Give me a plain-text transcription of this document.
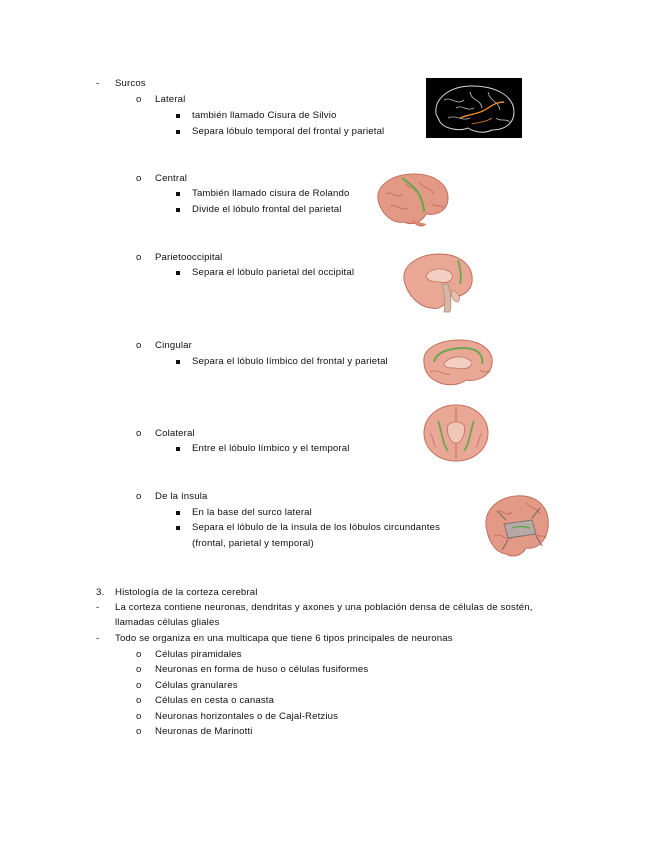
- Surcos
o Lateral
también llamado Cisura de Silvio
Separa lóbulo temporal del frontal y parietal
o Central
También llamado cisura de Rolando
Divide el lóbulo frontal del parietal
o Parietooccipital
Separa el lóbulo parietal del occipital
o Cingular
Separa el lóbulo límbico del frontal y parietal
o Colateral
Entre el lóbulo límbico y el temporal
o De la ínsula
En la base del surco lateral
Separa el lóbulo de la ínsula de los lóbulos circundantes
(frontal, parietal y temporal)
3. Histología de la corteza cerebral
- La corteza contiene neuronas, dendritas y axones y una población densa de células de sostén,
llamadas células gliales
- Todo se organiza en una multicapa que tiene 6 tipos principales de neuronas
o Células piramidales
o Neuronas en forma de huso o células fusiformes
o Células granulares
o Células en cesta o canasta
o Neuronas horizontales o de Cajal-Retzius
o Neuronas de Marinotti
